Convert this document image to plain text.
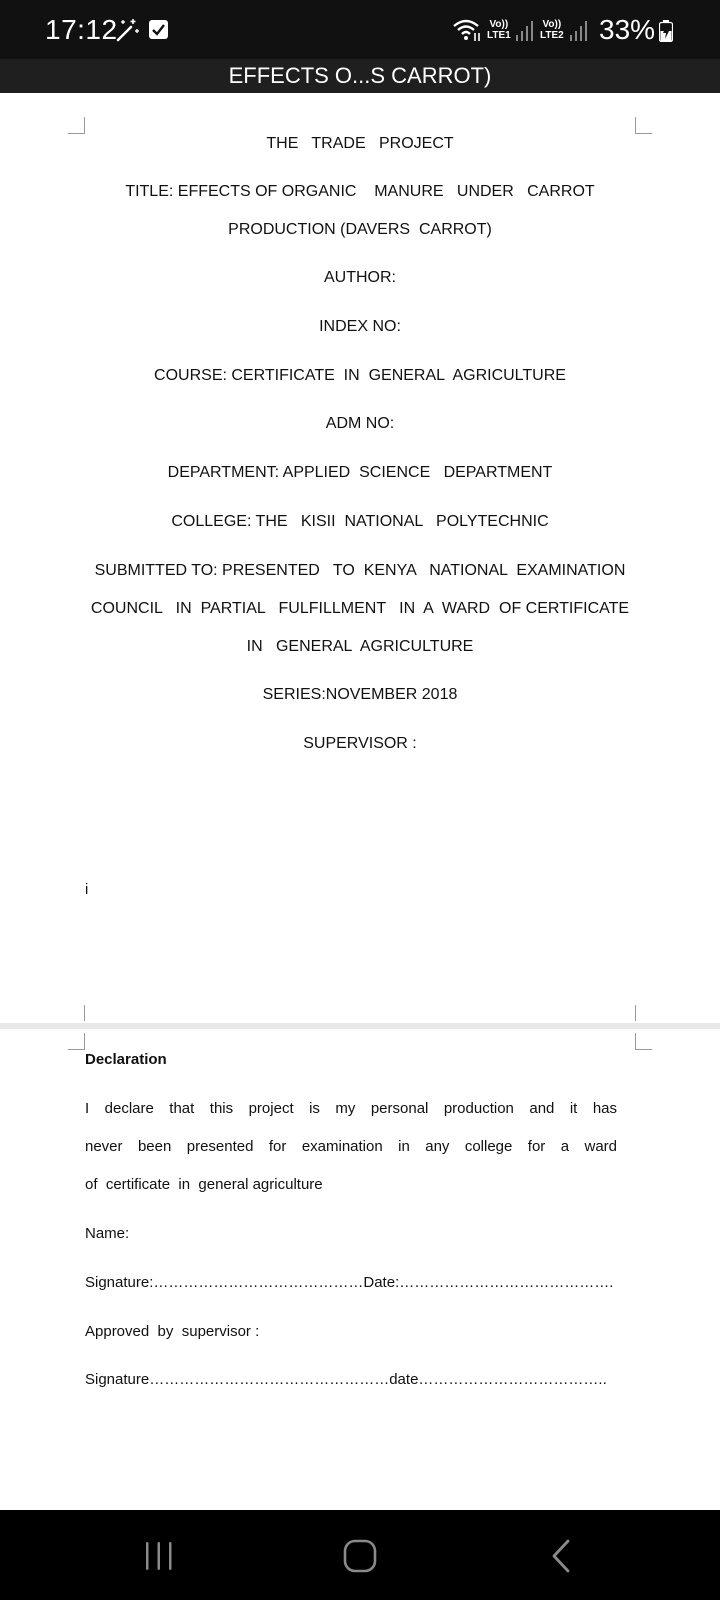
17:12	Vo))
LTE1
Vo))
LTE2 33%
EFFECTS O...S CARROT)
THE   TRADE   PROJECT
TITLE: EFFECTS OF ORGANIC    MANURE   UNDER   CARROT
PRODUCTION (DAVERS  CARROT)
AUTHOR:
INDEX NO:
COURSE: CERTIFICATE  IN  GENERAL  AGRICULTURE
ADM NO:
DEPARTMENT: APPLIED  SCIENCE   DEPARTMENT
COLLEGE: THE   KISII  NATIONAL   POLYTECHNIC
SUBMITTED TO: PRESENTED   TO  KENYA   NATIONAL  EXAMINATION
COUNCIL   IN  PARTIAL   FULFILLMENT   IN  A  WARD  OF CERTIFICATE
IN   GENERAL  AGRICULTURE
SERIES:NOVEMBER 2018
SUPERVISOR :
i
Declaration
I declare that this project is my personal production and it has
never been presented for examination in any college for a ward
of  certificate  in  general agriculture
Name:
Signature:……………………………………Date:…………………………………….
Approved  by  supervisor :
Signature…………………………………………date………………………………..
